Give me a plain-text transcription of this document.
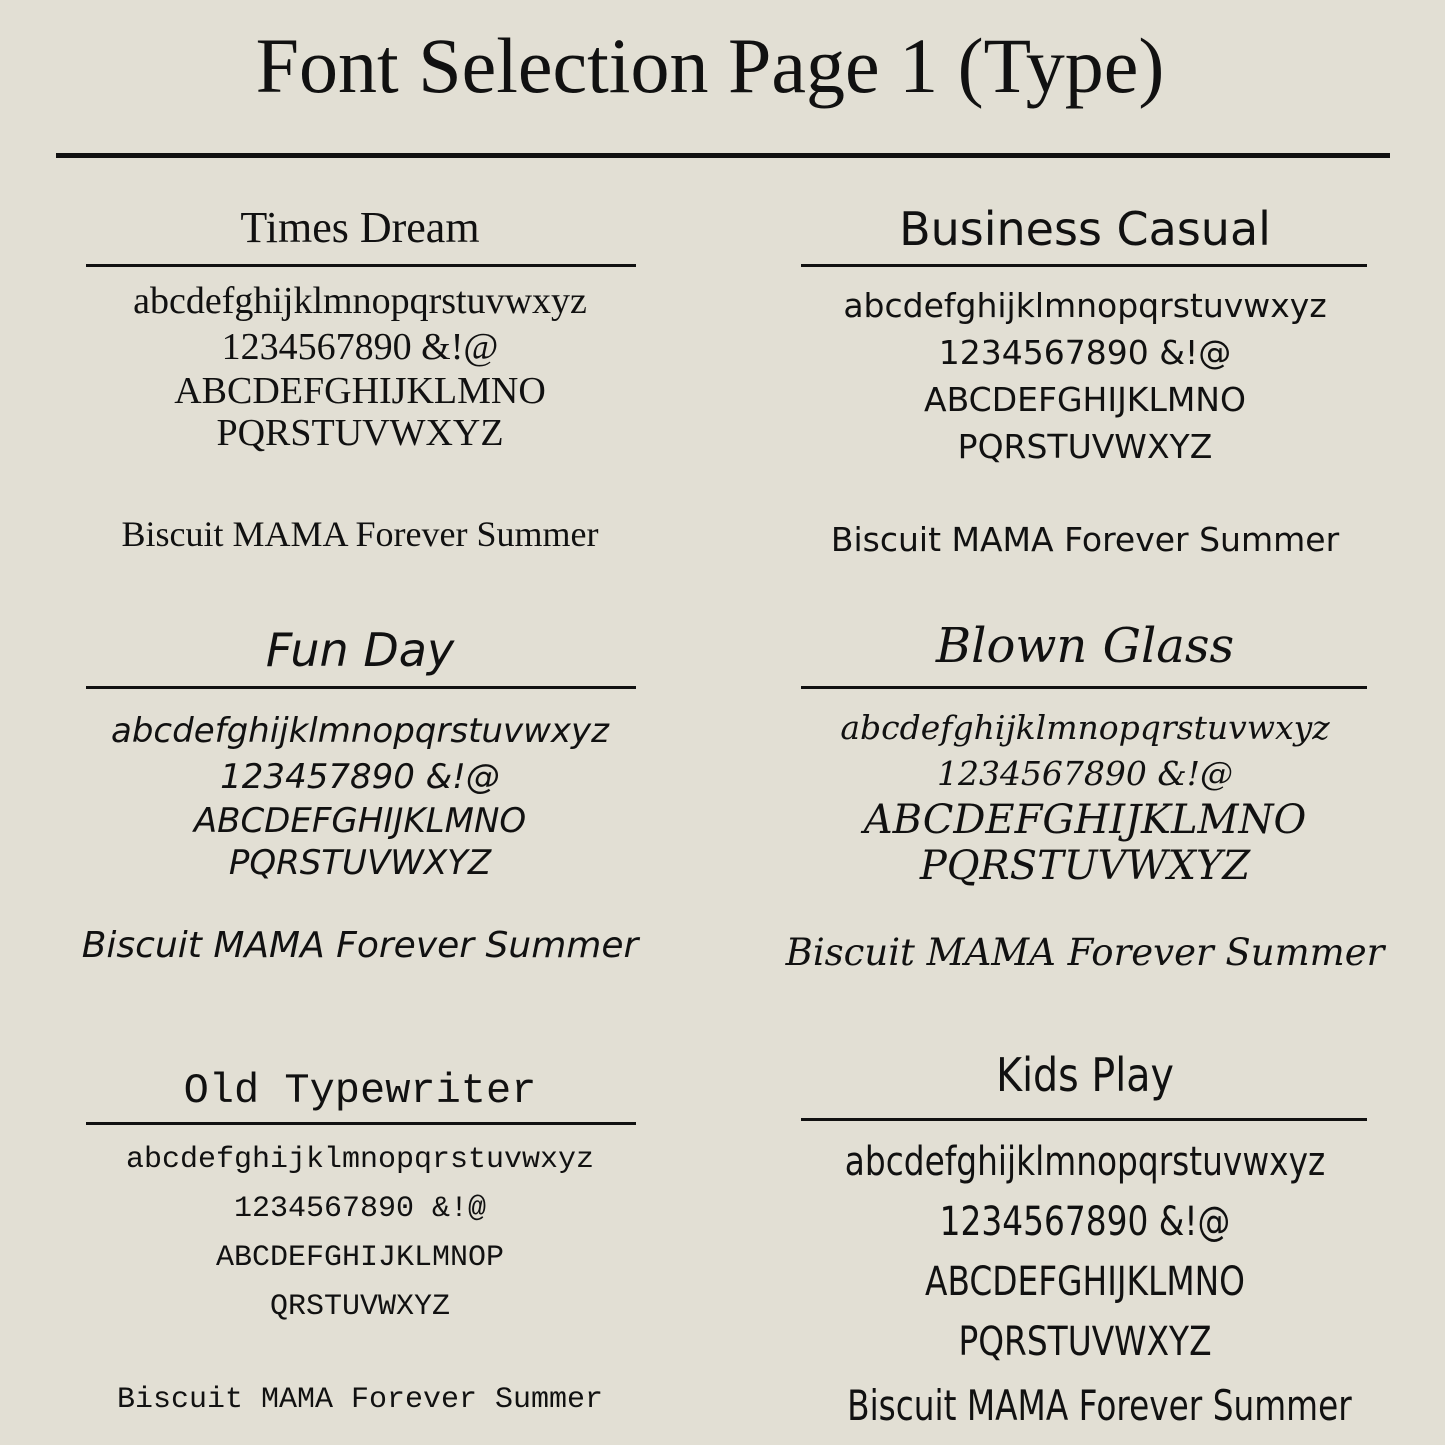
Font Selection Page 1 (Type)
Times Dream
abcdefghijklmnopqrstuvwxyz
1234567890 &!@
ABCDEFGHIJKLMNO
PQRSTUVWXYZ
Biscuit MAMA Forever Summer
Business Casual
abcdefghijklmnopqrstuvwxyz
1234567890 &!@
ABCDEFGHIJKLMNO
PQRSTUVWXYZ
Biscuit MAMA Forever Summer
Fun Day
abcdefghijklmnopqrstuvwxyz
123457890 &!@
ABCDEFGHIJKLMNO
PQRSTUVWXYZ
Biscuit MAMA Forever Summer
Blown Glass
abcdefghijklmnopqrstuvwxyz
1234567890 &!@
ABCDEFGHIJKLMNO
PQRSTUVWXYZ
Biscuit MAMA Forever Summer
Old Typewriter
abcdefghijklmnopqrstuvwxyz
1234567890 &!@
ABCDEFGHIJKLMNOP
QRSTUVWXYZ
Biscuit MAMA Forever Summer
Kids Play
abcdefghijklmnopqrstuvwxyz
1234567890 &!@
ABCDEFGHIJKLMNO
PQRSTUVWXYZ
Biscuit MAMA Forever Summer
